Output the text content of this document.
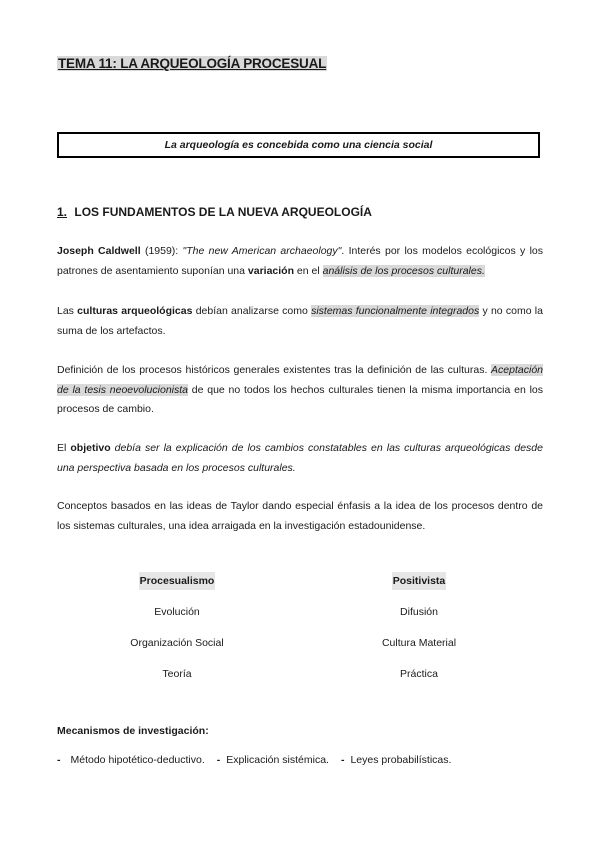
TEMA 11: LA ARQUEOLOGÍA PROCESUAL
La arqueología es concebida como una ciencia social
1. LOS FUNDAMENTOS DE LA NUEVA ARQUEOLOGÍA

Joseph Caldwell (1959): "The new American archaeology". Interés por los modelos ecológicos y los patrones de asentamiento suponían una variación en el análisis de los procesos culturales.

Las culturas arqueológicas debían analizarse como sistemas funcionalmente integrados y no como la suma de los artefactos.

Definición de los procesos históricos generales existentes tras la definición de las culturas. Aceptación de la tesis neoevolucionista de que no todos los hechos culturales tienen la misma importancia en los procesos de cambio.

El objetivo debía ser la explicación de los cambios constatables en las culturas arqueológicas desde una perspectiva basada en los procesos culturales.

Conceptos basados en las ideas de Taylor dando especial énfasis a la idea de los procesos dentro de los sistemas culturales, una idea arraigada en la investigación estadounidense.

Procesualismo
Evolución
Organización Social
Teoría
Positivista
Difusión
Cultura Material
Práctica
Mecanismos de investigación:
- Método hipotético-deductivo. - Explicación sistémica. - Leyes probabilísticas.
